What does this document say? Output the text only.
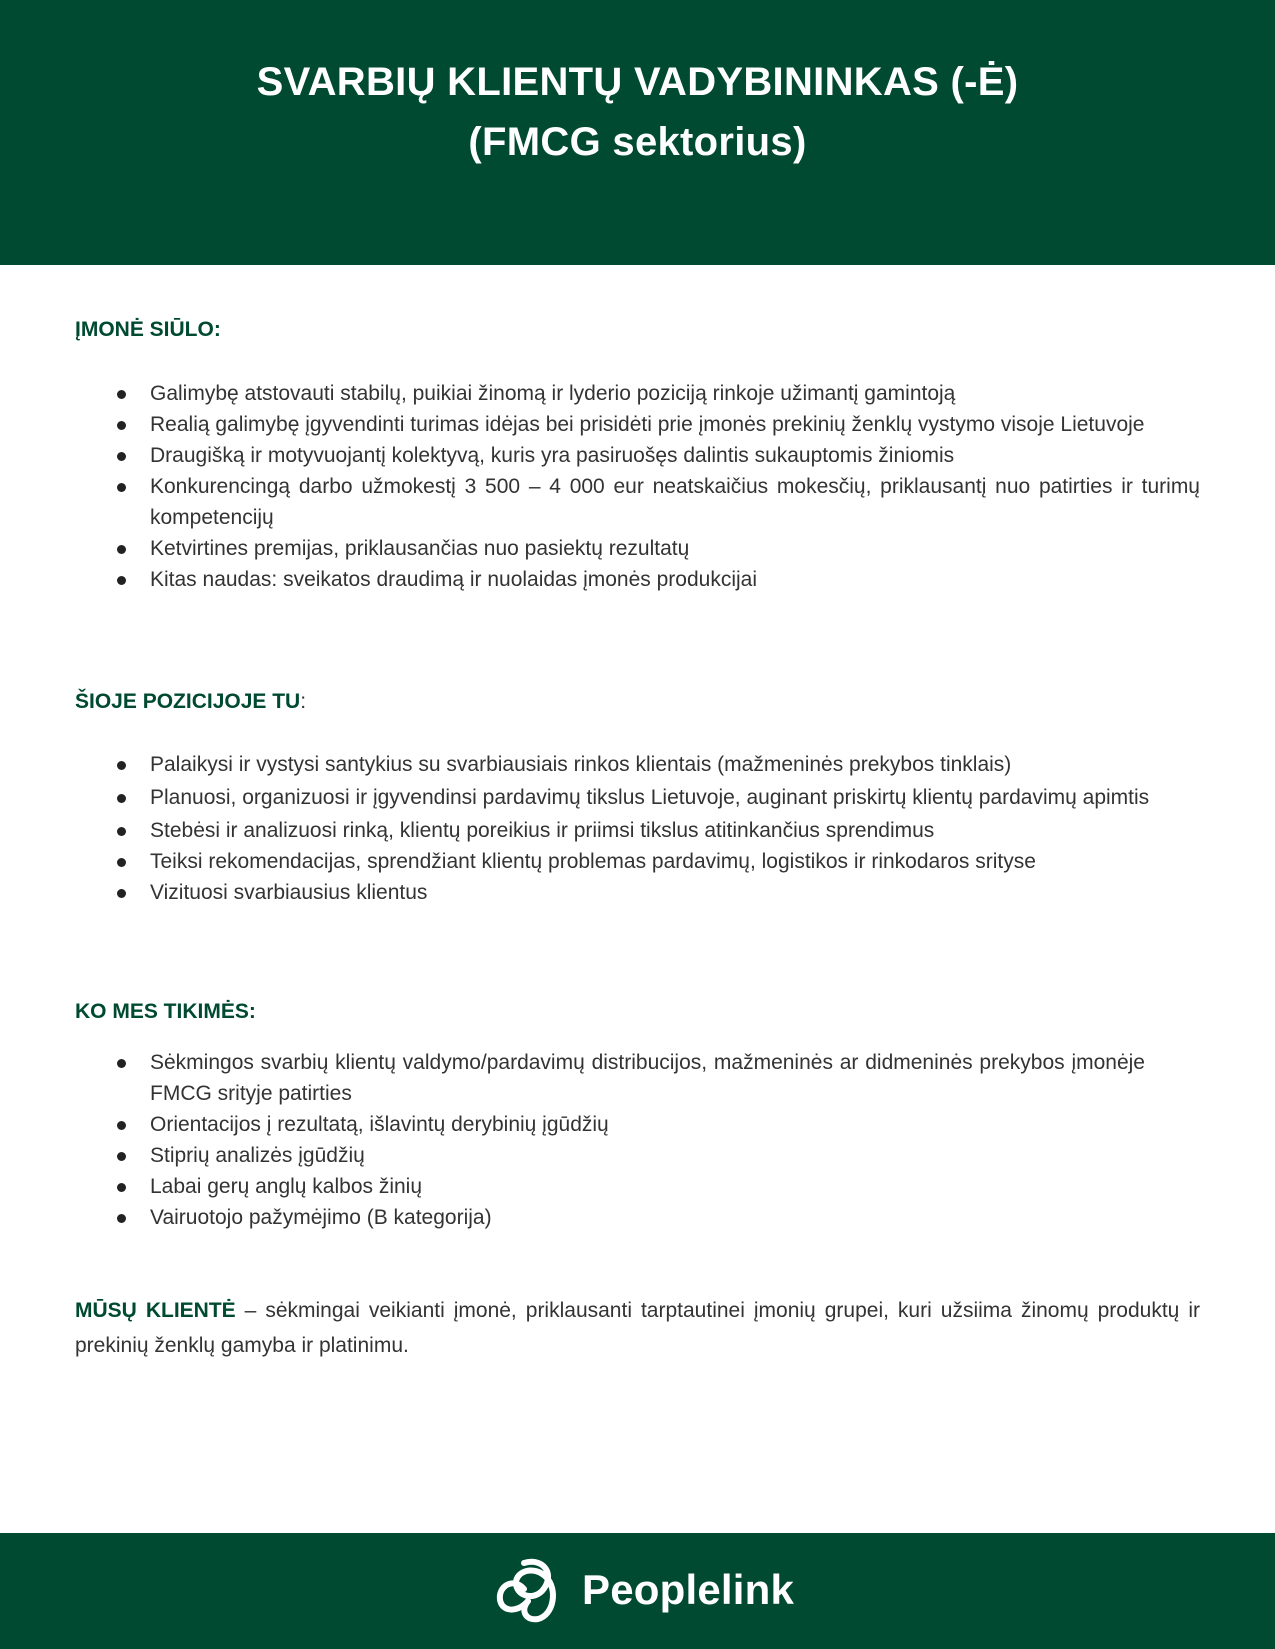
SVARBIŲ KLIENTŲ VADYBININKAS (-Ė)
(FMCG sektorius)
ĮMONĖ SIŪLO:
Galimybę atstovauti stabilų, puikiai žinomą ir lyderio poziciją rinkoje užimantį gamintoją
Realią galimybę įgyvendinti turimas idėjas bei prisidėti prie įmonės prekinių ženklų vystymo visoje Lietuvoje
Draugišką ir motyvuojantį kolektyvą, kuris yra pasiruošęs dalintis sukauptomis žiniomis
Konkurencingą darbo užmokestį 3 500 – 4 000 eur neatskaičius mokesčių, priklausantį nuo patirties ir turimų kompetencijų
Ketvirtines premijas, priklausančias nuo pasiektų rezultatų
Kitas naudas: sveikatos draudimą ir nuolaidas įmonės produkcijai
ŠIOJE POZICIJOJE TU:
Palaikysi ir vystysi santykius su svarbiausiais rinkos klientais (mažmeninės prekybos tinklais)
Planuosi, organizuosi ir įgyvendinsi pardavimų tikslus Lietuvoje, auginant priskirtų klientų pardavimų apimtis
Stebėsi ir analizuosi rinką, klientų poreikius ir priimsi tikslus atitinkančius sprendimus
Teiksi rekomendacijas, sprendžiant klientų problemas pardavimų, logistikos ir rinkodaros srityse
Vizituosi svarbiausius klientus
KO MES TIKIMĖS:
Sėkmingos svarbių klientų valdymo/pardavimų distribucijos, mažmeninės ar didmeninės prekybos įmonėje FMCG srityje patirties
Orientacijos į rezultatą, išlavintų derybinių įgūdžių
Stiprių analizės įgūdžių
Labai gerų anglų kalbos žinių
Vairuotojo pažymėjimo (B kategorija)
MŪSŲ KLIENTĖ – sėkmingai veikianti įmonė, priklausanti tarptautinei įmonių grupei, kuri užsiima žinomų produktų ir prekinių ženklų gamyba ir platinimu.
Peoplelink
